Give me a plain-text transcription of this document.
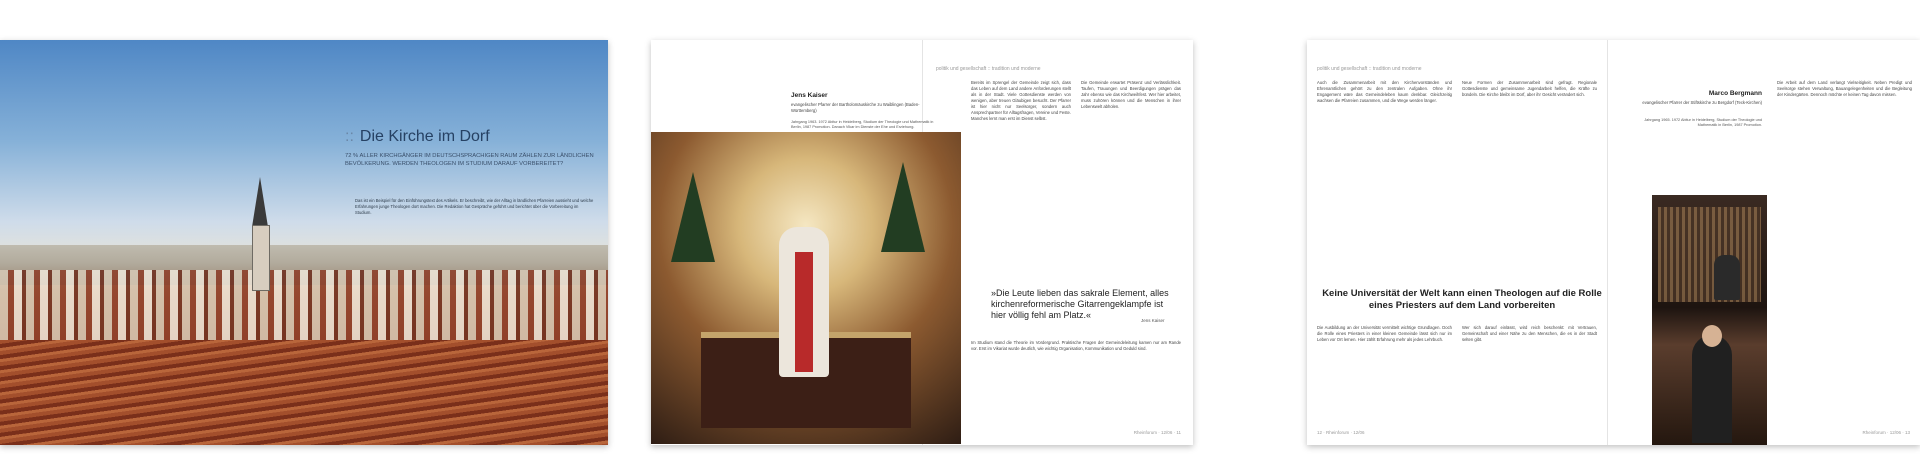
:: Die Kirche im Dorf
72 % ALLER KIRCHGÄNGER IM DEUTSCHSPRACHIGEN RAUM ZÄHLEN ZUR LÄNDLICHEN BEVÖLKERUNG. WERDEN THEOLOGEN IM STUDIUM DARAUF VORBEREITET?
Das ist ein Beispiel für den Einführungstext des Artikels. Er beschreibt, wie der Alltag in ländlichen Pfarreien aussieht und welche Erfahrungen junge Theologen dort machen. Die Redaktion hat Gespräche geführt und berichtet über die Vorbereitung im Studium.
politik und gesellschaft :: tradition und moderne
Jens Kaiser
evangelischer Pfarrer der Bartholomäuskirche zu Waiblingen (Baden-Württemberg)
Jahrgang 1963. 1972 Abitur in Heidelberg, Studium der Theologie und Mathematik in Berlin, 1987 Promotion. Danach Vikar im Dienste der Ehe und Erziehung.
Bereits im Sprengel der Gemeinde zeigt sich, dass das Leben auf dem Land andere Anforderungen stellt als in der Stadt. Viele Gottesdienste werden von wenigen, aber treuen Gläubigen besucht. Der Pfarrer ist hier nicht nur Seelsorger, sondern auch Ansprechpartner für Alltagsfragen, Vereine und Feste. Manches lernt man erst im Dienst selbst.
Die Gemeinde erwartet Präsenz und Verlässlichkeit. Taufen, Trauungen und Beerdigungen prägen das Jahr ebenso wie das Kirchweihfest. Wer hier arbeitet, muss zuhören können und die Menschen in ihrer Lebenswelt abholen.
»Die Leute lieben das sakrale Element, alles kirchenreformerische Gitarrengeklampfe ist hier völlig fehl am Platz.«
Jens Kaiser
Im Studium stand die Theorie im Vordergrund. Praktische Fragen der Gemeindeleitung kamen nur am Rande vor. Erst im Vikariat wurde deutlich, wie wichtig Organisation, Kommunikation und Geduld sind.
Rheinforum · 12/06 · 11
politik und gesellschaft :: tradition und moderne
Auch die Zusammenarbeit mit den Kirchenvorständen und Ehrenamtlichen gehört zu den zentralen Aufgaben. Ohne ihr Engagement wäre das Gemeindeleben kaum denkbar. Gleichzeitig wachsen die Pfarreien zusammen, und die Wege werden länger.
Neue Formen der Zusammenarbeit sind gefragt. Regionale Gottesdienste und gemeinsame Jugendarbeit helfen, die Kräfte zu bündeln. Die Kirche bleibt im Dorf, aber ihr Gesicht verändert sich.
Keine Universität der Welt kann einen Theologen auf die Rolle eines Priesters auf dem Land vorbereiten
Die Ausbildung an der Universität vermittelt wichtige Grundlagen. Doch die Rolle eines Priesters in einer kleinen Gemeinde lässt sich nur im Leben vor Ort lernen. Hier zählt Erfahrung mehr als jedes Lehrbuch.
Wer sich darauf einlässt, wird reich beschenkt: mit Vertrauen, Gemeinschaft und einer Nähe zu den Menschen, die es in der Stadt selten gibt.
Marco Bergmann
evangelischer Pfarrer der Stiftskirche zu Bergdorf (Teck-Kirchen)
Jahrgang 1965. 1972 Abitur in Heidelberg, Studium der Theologie und Mathematik in Berlin, 1987 Promotion.
Die Arbeit auf dem Land verlangt Vielseitigkeit. Neben Predigt und Seelsorge stehen Verwaltung, Bauangelegenheiten und die Begleitung der Kindergärten. Dennoch möchte er keinen Tag davon missen.
12 · Rheinforum · 12/06	Rheinforum · 12/06 · 13
